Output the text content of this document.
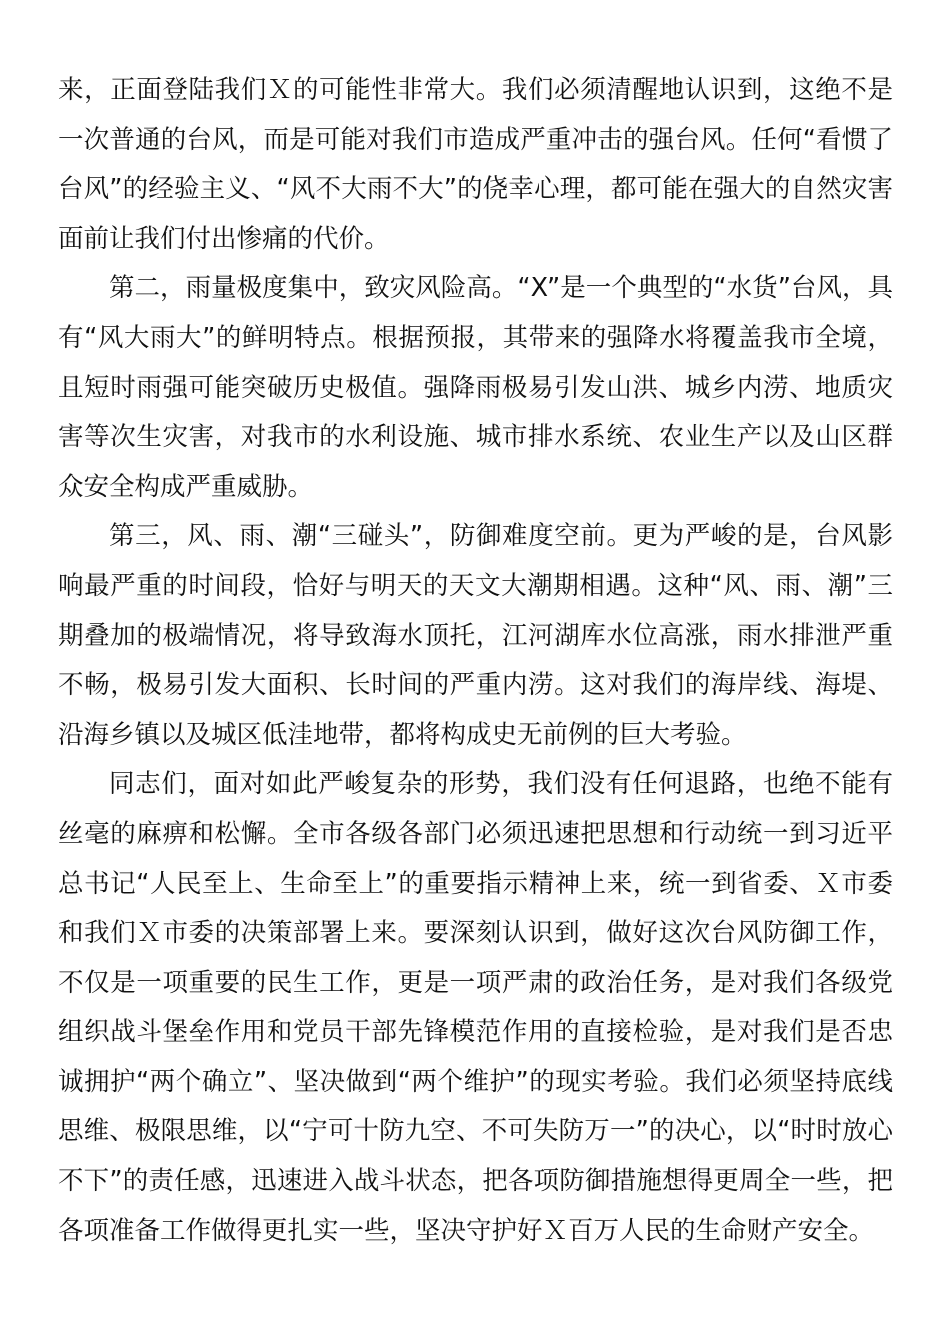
来，正面登陆我们Ｘ的可能性非常大。我们必须清醒地认识到，这绝不是一次普通的台风，而是可能对我们市造成严重冲击的强台风。任何“看惯了台风”的经验主义、“风不大雨不大”的侥幸心理，都可能在强大的自然灾害面前让我们付出惨痛的代价。

第二，雨量极度集中，致灾风险高。“X”是一个典型的“水货”台风，具有“风大雨大”的鲜明特点。根据预报，其带来的强降水将覆盖我市全境，且短时雨强可能突破历史极值。强降雨极易引发山洪、城乡内涝、地质灾害等次生灾害，对我市的水利设施、城市排水系统、农业生产以及山区群众安全构成严重威胁。

第三，风、雨、潮“三碰头”，防御难度空前。更为严峻的是，台风影响最严重的时间段，恰好与明天的天文大潮期相遇。这种“风、雨、潮”三期叠加的极端情况，将导致海水顶托，江河湖库水位高涨，雨水排泄严重不畅，极易引发大面积、长时间的严重内涝。这对我们的海岸线、海堤、沿海乡镇以及城区低洼地带，都将构成史无前例的巨大考验。

同志们，面对如此严峻复杂的形势，我们没有任何退路，也绝不能有丝毫的麻痹和松懈。全市各级各部门必须迅速把思想和行动统一到习近平总书记“人民至上、生命至上”的重要指示精神上来，统一到省委、Ｘ市委和我们Ｘ市委的决策部署上来。要深刻认识到，做好这次台风防御工作，不仅是一项重要的民生工作，更是一项严肃的政治任务，是对我们各级党组织战斗堡垒作用和党员干部先锋模范作用的直接检验，是对我们是否忠诚拥护“两个确立”、坚决做到“两个维护”的现实考验。我们必须坚持底线思维、极限思维，以“宁可十防九空、不可失防万一”的决心，以“时时放心不下”的责任感，迅速进入战斗状态，把各项防御措施想得更周全一些，把各项准备工作做得更扎实一些，坚决守护好Ｘ百万人民的生命财产安全。
